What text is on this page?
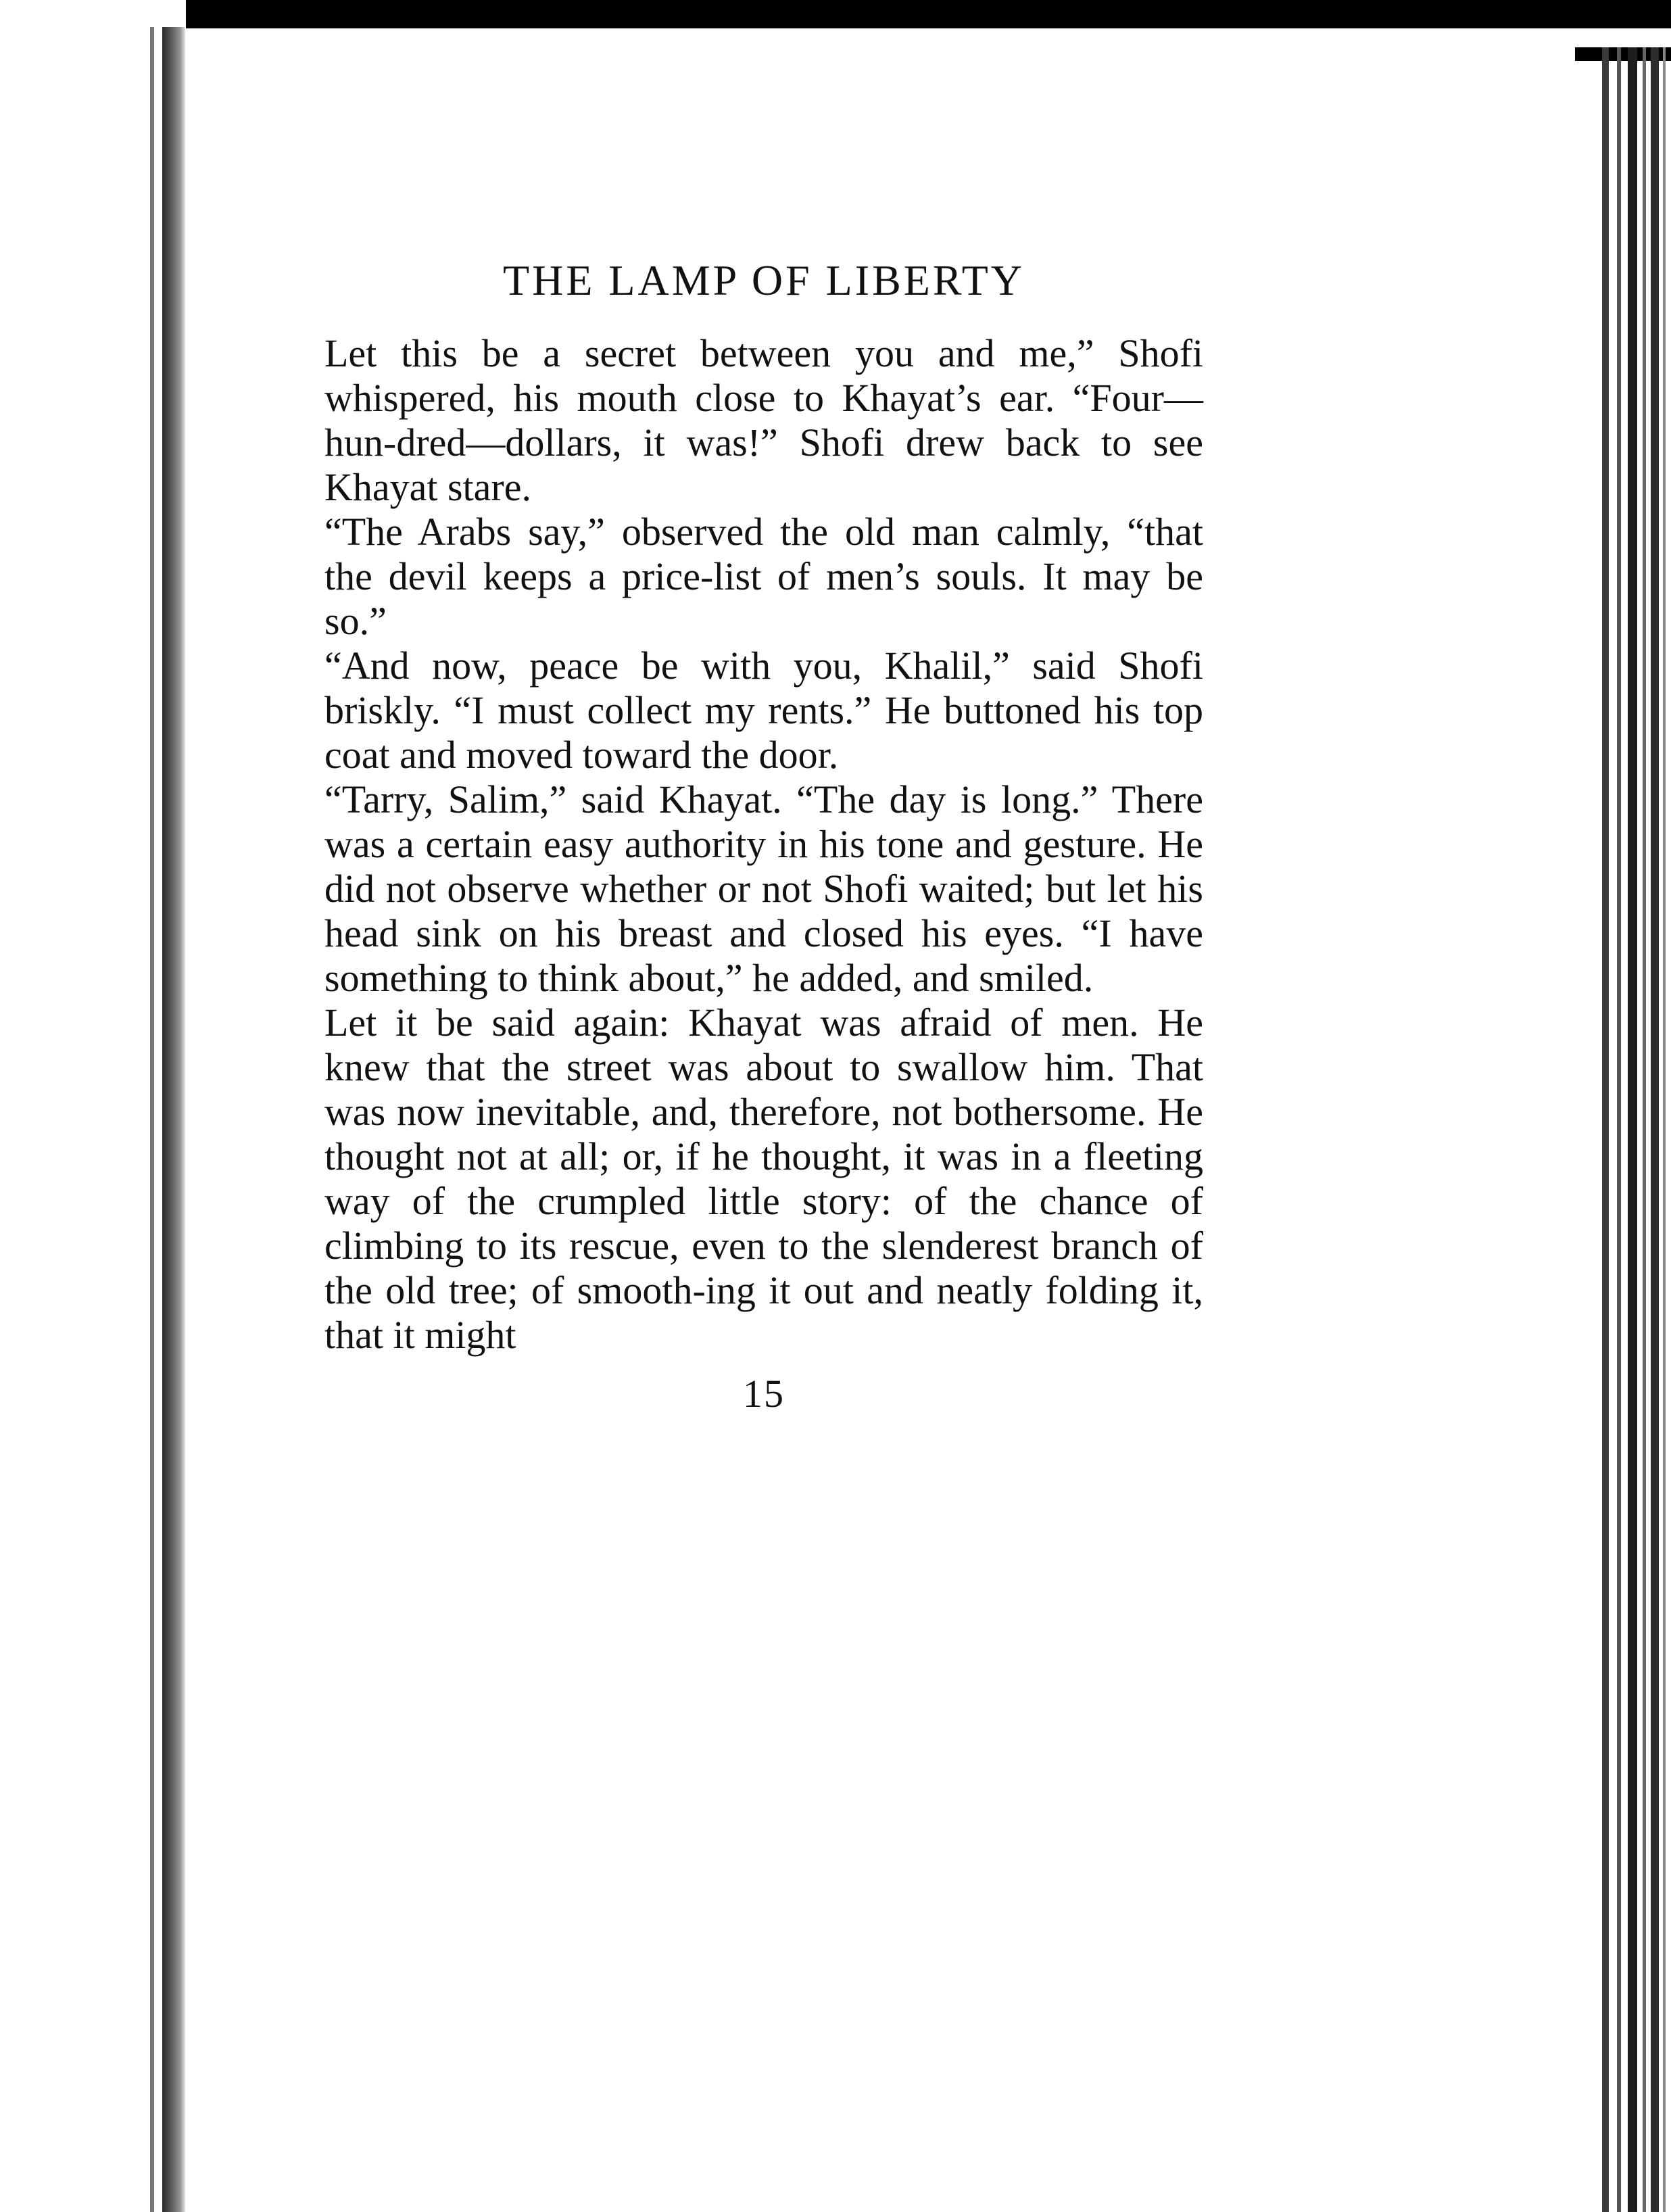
THE LAMP OF LIBERTY

Let this be a secret between you and me,” Shofi whispered, his mouth close to Khayat’s ear. “Four—hun-dred—dollars, it was!” Shofi drew back to see Khayat stare.

“The Arabs say,” observed the old man calmly, “that the devil keeps a price-list of men’s souls. It may be so.”

“And now, peace be with you, Khalil,” said Shofi briskly. “I must collect my rents.” He buttoned his top coat and moved toward the door.

“Tarry, Salim,” said Khayat. “The day is long.” There was a certain easy authority in his tone and gesture. He did not observe whether or not Shofi waited; but let his head sink on his breast and closed his eyes. “I have something to think about,” he added, and smiled.

Let it be said again: Khayat was afraid of men. He knew that the street was about to swallow him. That was now inevitable, and, therefore, not bothersome. He thought not at all; or, if he thought, it was in a fleeting way of the crumpled little story: of the chance of climbing to its rescue, even to the slenderest branch of the old tree; of smooth-ing it out and neatly folding it, that it might

15
